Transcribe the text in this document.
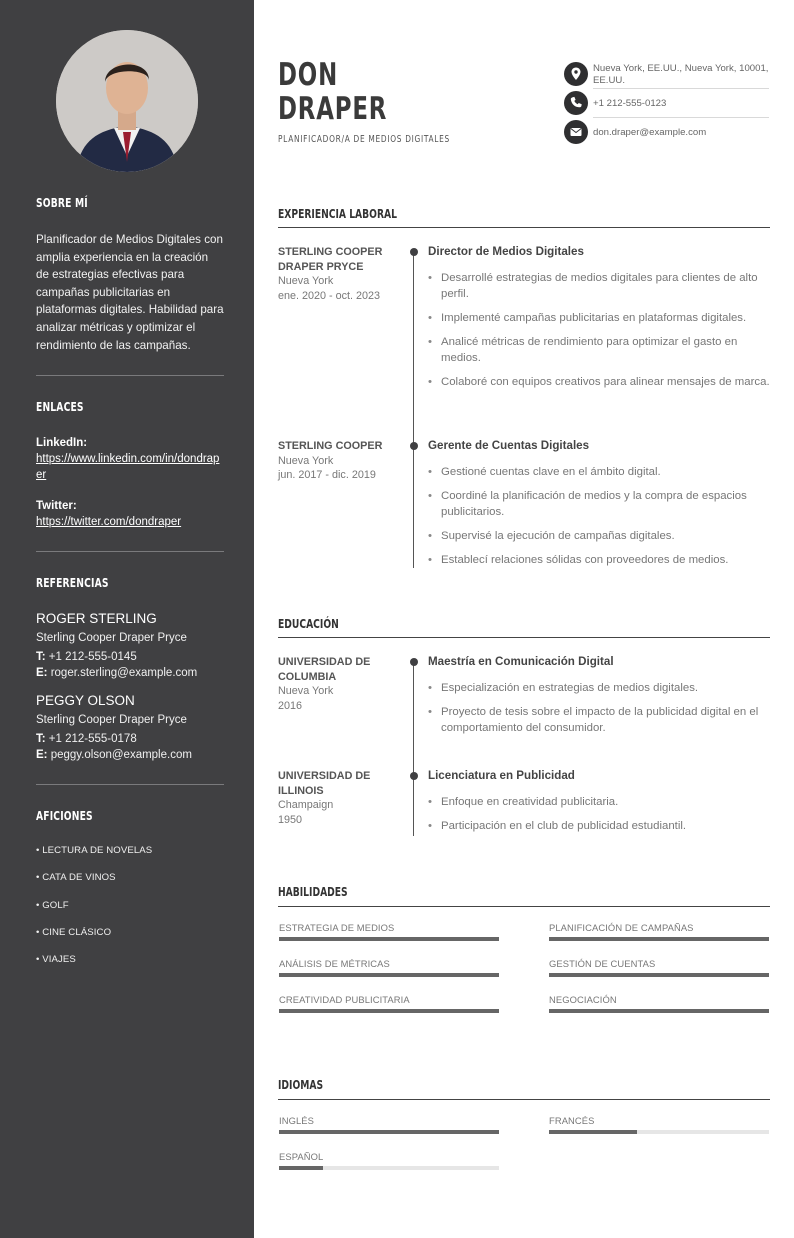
SOBRE MÍ

Planificador de Medios Digitales con amplia experiencia en la creación de estrategias efectivas para campañas publicitarias en plataformas digitales. Habilidad para analizar métricas y optimizar el rendimiento de las campañas.

ENLACES
LinkedIn:
https://www.linkedin.com/in/dondraper
Twitter:
https://twitter.com/dondraper
REFERENCIAS
ROGER STERLING
Sterling Cooper Draper Pryce
T: +1 212-555-0145
E: roger.sterling@example.com
PEGGY OLSON
Sterling Cooper Draper Pryce
T: +1 212-555-0178
E: peggy.olson@example.com
AFICIONES
• LECTURA DE NOVELAS
• CATA DE VINOS
• GOLF
• CINE CLÁSICO
• VIAJES
DON
DRAPER
PLANIFICADOR/A DE MEDIOS DIGITALES
Nueva York, EE.UU., Nueva York, 10001, EE.UU.
+1 212-555-0123
don.draper@example.com
EXPERIENCIA LABORAL
STERLING COOPER DRAPER PRYCE
Nueva York
ene. 2020 - oct. 2023
Director de Medios Digitales
• Desarrollé estrategias de medios digitales para clientes de alto perfil.
• Implementé campañas publicitarias en plataformas digitales.
• Analicé métricas de rendimiento para optimizar el gasto en medios.
• Colaboré con equipos creativos para alinear mensajes de marca.
STERLING COOPER
Nueva York
jun. 2017 - dic. 2019
Gerente de Cuentas Digitales
• Gestioné cuentas clave en el ámbito digital.
• Coordiné la planificación de medios y la compra de espacios publicitarios.
• Supervisé la ejecución de campañas digitales.
• Establecí relaciones sólidas con proveedores de medios.
EDUCACIÓN
UNIVERSIDAD DE COLUMBIA
Nueva York
2016
Maestría en Comunicación Digital
• Especialización en estrategias de medios digitales.
• Proyecto de tesis sobre el impacto de la publicidad digital en el comportamiento del consumidor.
UNIVERSIDAD DE ILLINOIS
Champaign
1950
Licenciatura en Publicidad
• Enfoque en creatividad publicitaria.
• Participación en el club de publicidad estudiantil.
HABILIDADES
ESTRATEGIA DE MEDIOS	PLANIFICACIÓN DE CAMPAÑAS
ANÁLISIS DE MÉTRICAS	GESTIÓN DE CUENTAS
CREATIVIDAD PUBLICITARIA	NEGOCIACIÓN
IDIOMAS
INGLÉS	FRANCÉS
ESPAÑOL
